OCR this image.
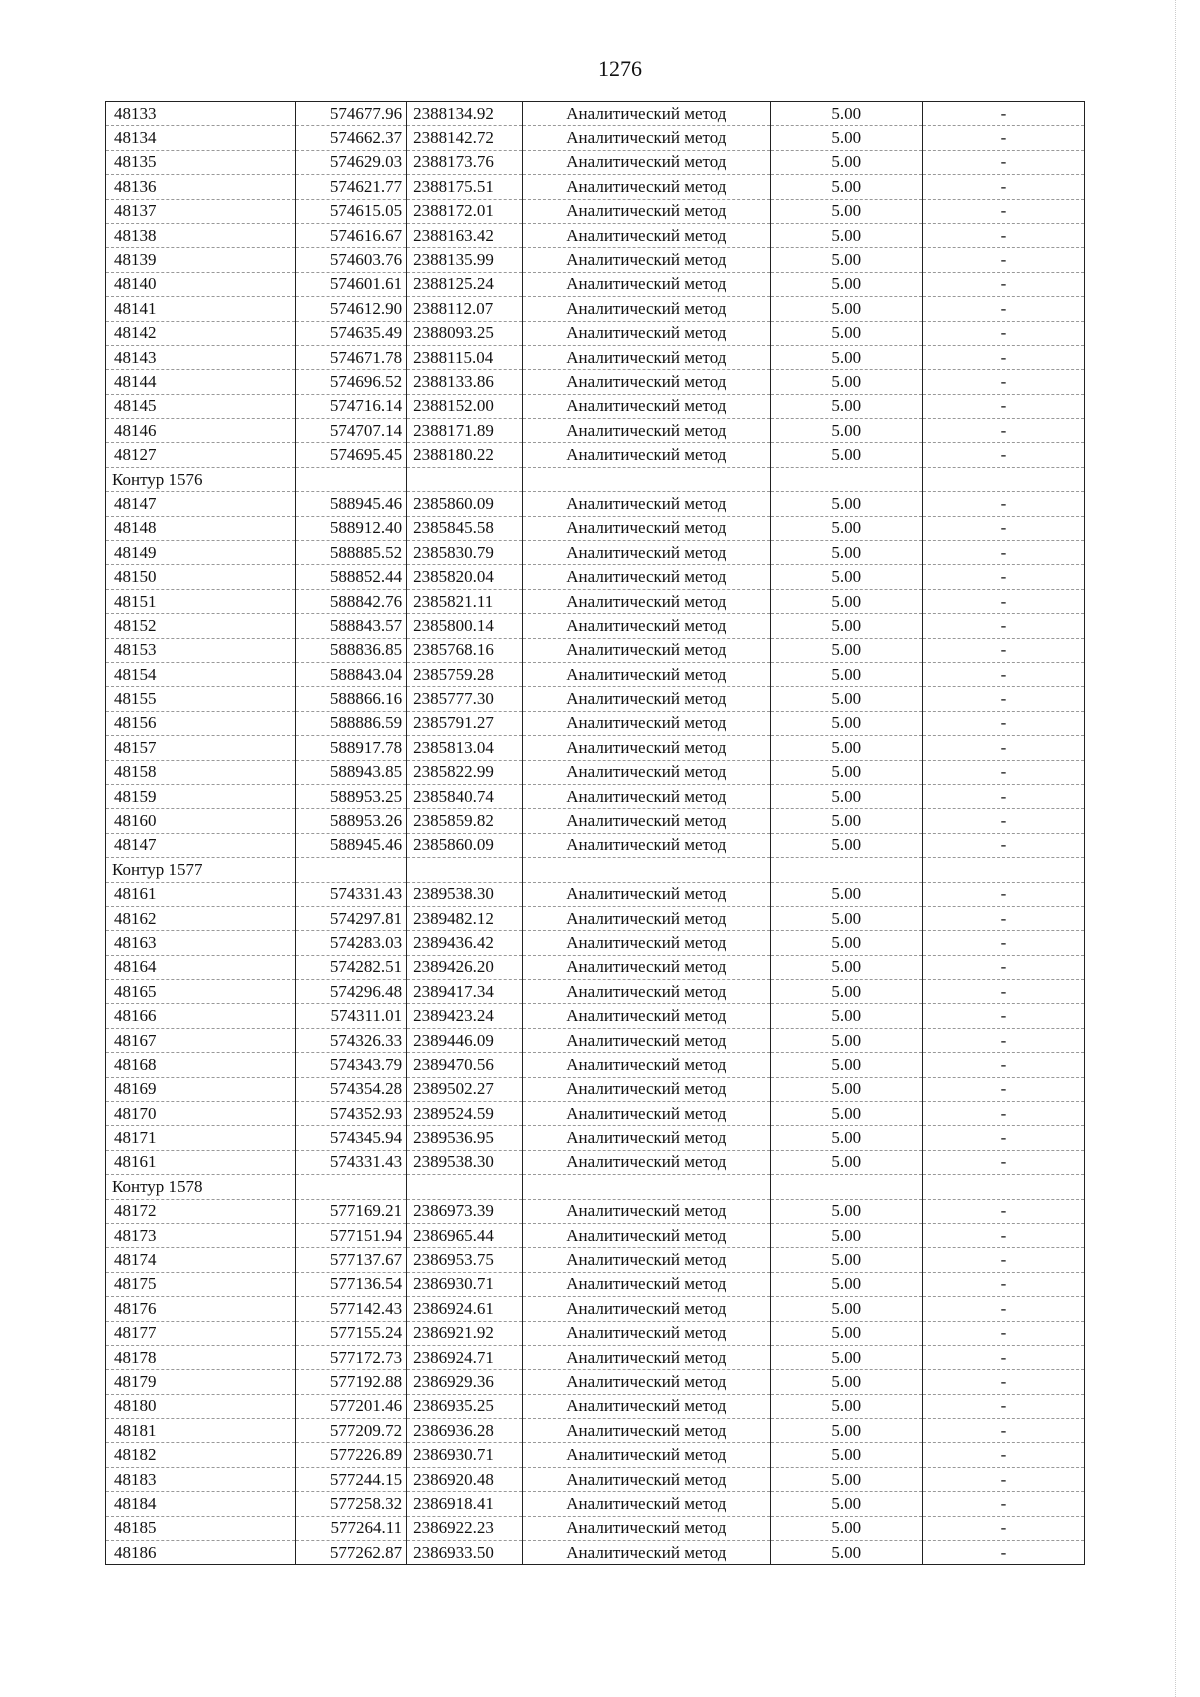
1276
48133	574677.96	2388134.92	Аналитический метод	5.00	-
48134	574662.37	2388142.72	Аналитический метод	5.00	-
48135	574629.03	2388173.76	Аналитический метод	5.00	-
48136	574621.77	2388175.51	Аналитический метод	5.00	-
48137	574615.05	2388172.01	Аналитический метод	5.00	-
48138	574616.67	2388163.42	Аналитический метод	5.00	-
48139	574603.76	2388135.99	Аналитический метод	5.00	-
48140	574601.61	2388125.24	Аналитический метод	5.00	-
48141	574612.90	2388112.07	Аналитический метод	5.00	-
48142	574635.49	2388093.25	Аналитический метод	5.00	-
48143	574671.78	2388115.04	Аналитический метод	5.00	-
48144	574696.52	2388133.86	Аналитический метод	5.00	-
48145	574716.14	2388152.00	Аналитический метод	5.00	-
48146	574707.14	2388171.89	Аналитический метод	5.00	-
48127	574695.45	2388180.22	Аналитический метод	5.00	-
Контур 1576					
48147	588945.46	2385860.09	Аналитический метод	5.00	-
48148	588912.40	2385845.58	Аналитический метод	5.00	-
48149	588885.52	2385830.79	Аналитический метод	5.00	-
48150	588852.44	2385820.04	Аналитический метод	5.00	-
48151	588842.76	2385821.11	Аналитический метод	5.00	-
48152	588843.57	2385800.14	Аналитический метод	5.00	-
48153	588836.85	2385768.16	Аналитический метод	5.00	-
48154	588843.04	2385759.28	Аналитический метод	5.00	-
48155	588866.16	2385777.30	Аналитический метод	5.00	-
48156	588886.59	2385791.27	Аналитический метод	5.00	-
48157	588917.78	2385813.04	Аналитический метод	5.00	-
48158	588943.85	2385822.99	Аналитический метод	5.00	-
48159	588953.25	2385840.74	Аналитический метод	5.00	-
48160	588953.26	2385859.82	Аналитический метод	5.00	-
48147	588945.46	2385860.09	Аналитический метод	5.00	-
Контур 1577					
48161	574331.43	2389538.30	Аналитический метод	5.00	-
48162	574297.81	2389482.12	Аналитический метод	5.00	-
48163	574283.03	2389436.42	Аналитический метод	5.00	-
48164	574282.51	2389426.20	Аналитический метод	5.00	-
48165	574296.48	2389417.34	Аналитический метод	5.00	-
48166	574311.01	2389423.24	Аналитический метод	5.00	-
48167	574326.33	2389446.09	Аналитический метод	5.00	-
48168	574343.79	2389470.56	Аналитический метод	5.00	-
48169	574354.28	2389502.27	Аналитический метод	5.00	-
48170	574352.93	2389524.59	Аналитический метод	5.00	-
48171	574345.94	2389536.95	Аналитический метод	5.00	-
48161	574331.43	2389538.30	Аналитический метод	5.00	-
Контур 1578					
48172	577169.21	2386973.39	Аналитический метод	5.00	-
48173	577151.94	2386965.44	Аналитический метод	5.00	-
48174	577137.67	2386953.75	Аналитический метод	5.00	-
48175	577136.54	2386930.71	Аналитический метод	5.00	-
48176	577142.43	2386924.61	Аналитический метод	5.00	-
48177	577155.24	2386921.92	Аналитический метод	5.00	-
48178	577172.73	2386924.71	Аналитический метод	5.00	-
48179	577192.88	2386929.36	Аналитический метод	5.00	-
48180	577201.46	2386935.25	Аналитический метод	5.00	-
48181	577209.72	2386936.28	Аналитический метод	5.00	-
48182	577226.89	2386930.71	Аналитический метод	5.00	-
48183	577244.15	2386920.48	Аналитический метод	5.00	-
48184	577258.32	2386918.41	Аналитический метод	5.00	-
48185	577264.11	2386922.23	Аналитический метод	5.00	-
48186	577262.87	2386933.50	Аналитический метод	5.00	-
